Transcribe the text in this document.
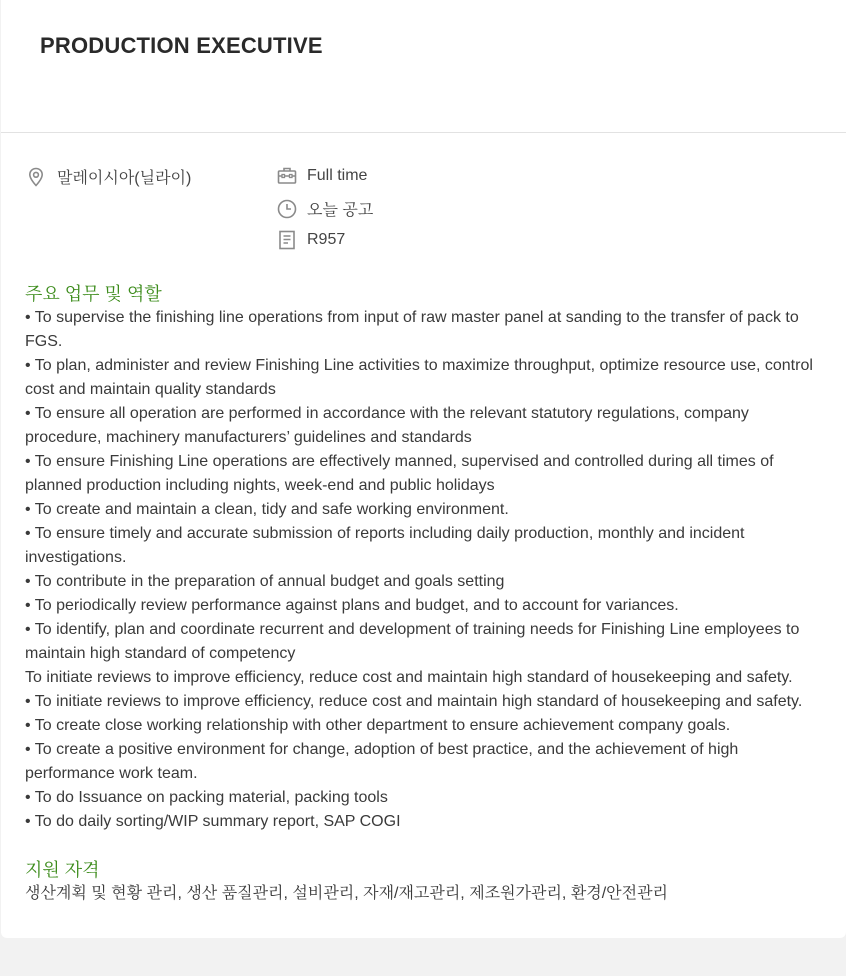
PRODUCTION EXECUTIVE
말레이시아(닐라이)	Full time
오늘 공고
R957
주요 업무 및 역할

• To supervise the finishing line operations from input of raw master panel at sanding to the transfer of pack to

FGS.

• To plan, administer and review Finishing Line activities to maximize throughput, optimize resource use, control

cost and maintain quality standards

• To ensure all operation are performed in accordance with the relevant statutory regulations, company

procedure, machinery manufacturers’ guidelines and standards

• To ensure Finishing Line operations are effectively manned, supervised and controlled during all times of

planned production including nights, week-end and public holidays

• To create and maintain a clean, tidy and safe working environment.

• To ensure timely and accurate submission of reports including daily production, monthly and incident

investigations.

• To contribute in the preparation of annual budget and goals setting

• To periodically review performance against plans and budget, and to account for variances.

• To identify, plan and coordinate recurrent and development of training needs for Finishing Line employees to

maintain high standard of competency

To initiate reviews to improve efficiency, reduce cost and maintain high standard of housekeeping and safety.

• To initiate reviews to improve efficiency, reduce cost and maintain high standard of housekeeping and safety.

• To create close working relationship with other department to ensure achievement company goals.

• To create a positive environment for change, adoption of best practice, and the achievement of high

performance work team.

• To do Issuance on packing material, packing tools

• To do daily sorting/WIP summary report, SAP COGI

지원 자격

생산계획 및 현황 관리, 생산 품질관리, 설비관리, 자재/재고관리, 제조원가관리, 환경/안전관리
